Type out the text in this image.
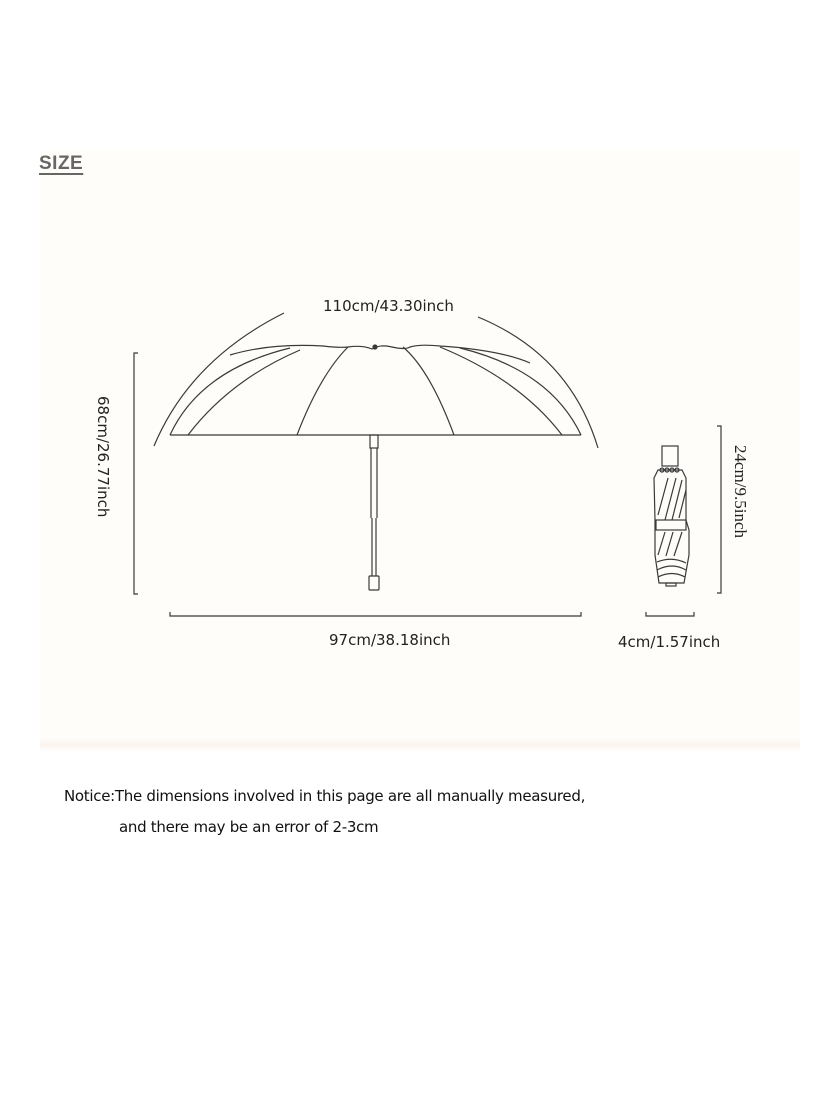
SIZE
110cm/43.30inch
68cm/26.77inch
97cm/38.18inch
24cm/9.5inch
4cm/1.57inch
Notice:The dimensions involved in this page are all manually measured,
and there may be an error of 2-3cm
